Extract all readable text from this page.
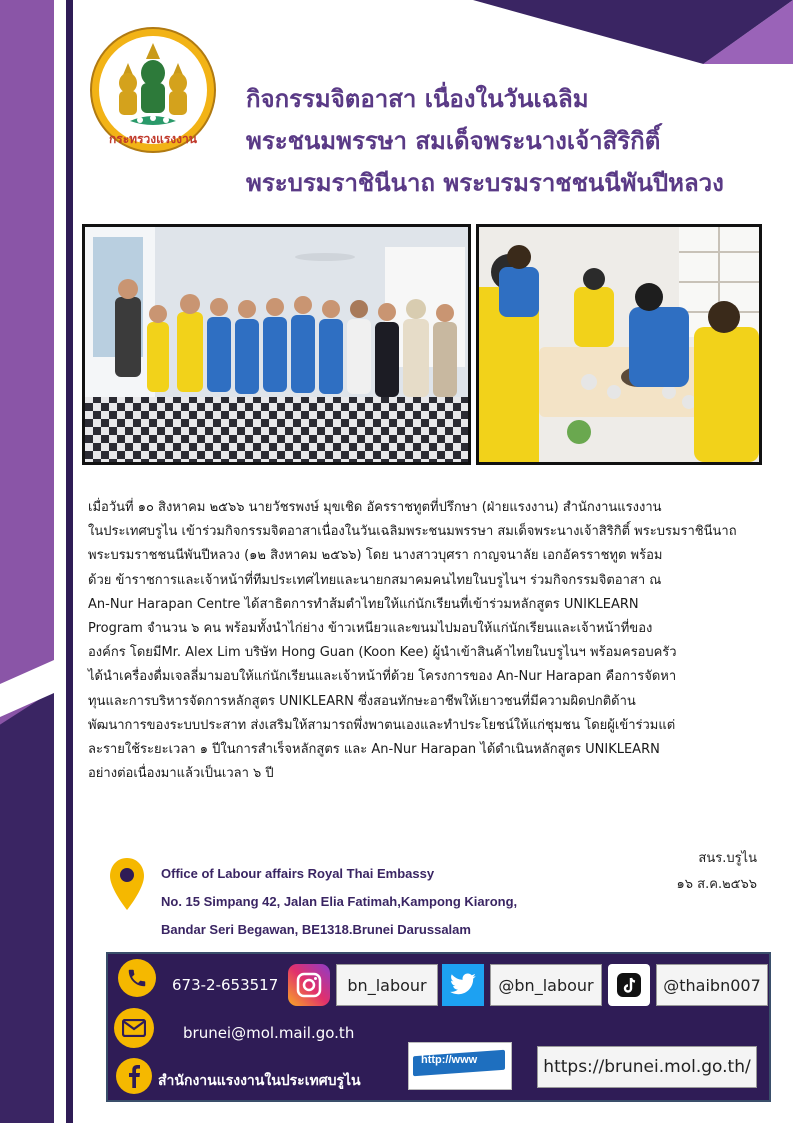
กระทรวงแรงงาน
กิจกรรมจิตอาสา เนื่องในวันเฉลิม
พระชนมพรรษา สมเด็จพระนางเจ้าสิริกิติ์
พระบรมราชินีนาถ พระบรมราชชนนีพันปีหลวง
เมื่อวันที่ ๑๐ สิงหาคม ๒๕๖๖ นายวัชรพงษ์ มุขเชิด อัครราชทูตที่ปรึกษา (ฝ่ายแรงงาน) สำนักงานแรงงาน
ในประเทศบรูไน เข้าร่วมกิจกรรมจิตอาสาเนื่องในวันเฉลิมพระชนมพรรษา สมเด็จพระนางเจ้าสิริกิติ์ พระบรมราชินีนาถ
พระบรมราชชนนีพันปีหลวง (๑๒ สิงหาคม ๒๕๖๖) โดย นางสาวบุศรา กาญจนาลัย เอกอัครราชทูต พร้อม
ด้วย ข้าราชการและเจ้าหน้าที่ทีมประเทศไทยและนายกสมาคมคนไทยในบรูไนฯ ร่วมกิจกรรมจิตอาสา ณ
An-Nur Harapan Centre ได้สาธิตการทำส้มตำไทยให้แก่นักเรียนที่เข้าร่วมหลักสูตร UNIKLEARN
Program จำนวน ๖ คน พร้อมทั้งนำไก่ย่าง ข้าวเหนียวและขนมไปมอบให้แก่นักเรียนและเจ้าหน้าที่ของ
องค์กร โดยมีMr. Alex Lim บริษัท Hong Guan (Koon Kee) ผู้นำเข้าสินค้าไทยในบรูไนฯ พร้อมครอบครัว
ได้นำเครื่องดื่มเจลลี่มามอบให้แก่นักเรียนและเจ้าหน้าที่ด้วย โครงการของ An-Nur Harapan คือการจัดหา
ทุนและการบริหารจัดการหลักสูตร UNIKLEARN ซึ่งสอนทักษะอาชีพให้เยาวชนที่มีความผิดปกติด้าน
พัฒนาการของระบบประสาท ส่งเสริมให้สามารถพึ่งพาตนเองและทำประโยชน์ให้แก่ชุมชน โดยผู้เข้าร่วมแต่
ละรายใช้ระยะเวลา ๑ ปีในการสำเร็จหลักสูตร และ An-Nur Harapan ได้ดำเนินหลักสูตร UNIKLEARN
อย่างต่อเนื่องมาแล้วเป็นเวลา ๖ ปี
สนร.บรูไน
๑๖ ส.ค.๒๕๖๖
Office of Labour affairs Royal Thai Embassy
No. 15 Simpang 42, Jalan Elia Fatimah,Kampong Kiarong,
Bandar Seri Begawan, BE1318.Brunei Darussalam
673-2-653517	bn_labour	@bn_labour	@thaibn007
brunei@mol.mail.go.th
สำนักงานแรงงานในประเทศบรูไน
http://www	https://brunei.mol.go.th/
